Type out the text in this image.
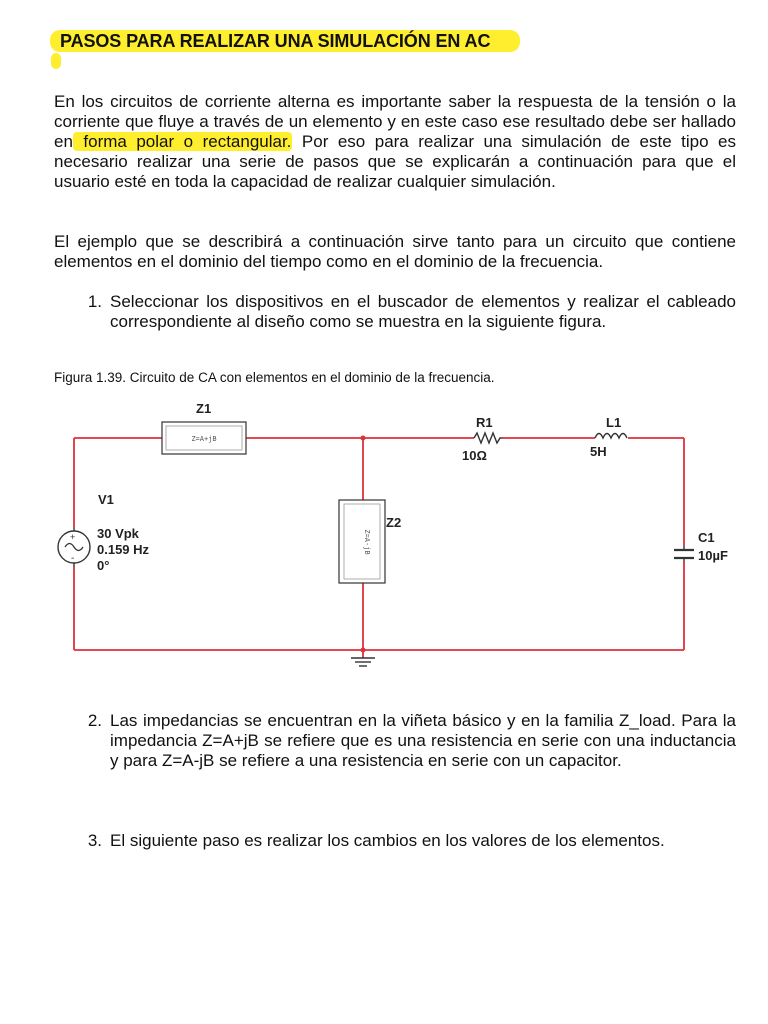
PASOS PARA REALIZAR UNA SIMULACIÓN EN AC

En los circuitos de corriente alterna es importante saber la respuesta de la tensión o la corriente que fluye a través de un elemento y en este caso ese resultado debe ser hallado en forma polar o rectangular. Por eso para realizar una simulación de este tipo es necesario realizar una serie de pasos que se explicarán a continuación para que el usuario esté en toda la capacidad de realizar cualquier simulación.

El ejemplo que se describirá a continuación sirve tanto para un circuito que contiene elementos en el dominio del tiempo como en el dominio de la frecuencia.

1. Seleccionar los dispositivos en el buscador de elementos y realizar el cableado correspondiente al diseño como se muestra en la siguiente figura.

Figura 1.39. Circuito de CA con elementos en el dominio de la frecuencia.
Z=A+jB
Z1
Z=A-jB
Z2
R1
10Ω
L1
5H
C1
10µF
+
-
V1
30 Vpk
0.159 Hz
0°
2. Las impedancias se encuentran en la viñeta básico y en la familia Z_load. Para la impedancia Z=A+jB se refiere que es una resistencia en serie con una inductancia y para Z=A-jB se refiere a una resistencia en serie con un capacitor.

3. El siguiente paso es realizar los cambios en los valores de los elementos.
